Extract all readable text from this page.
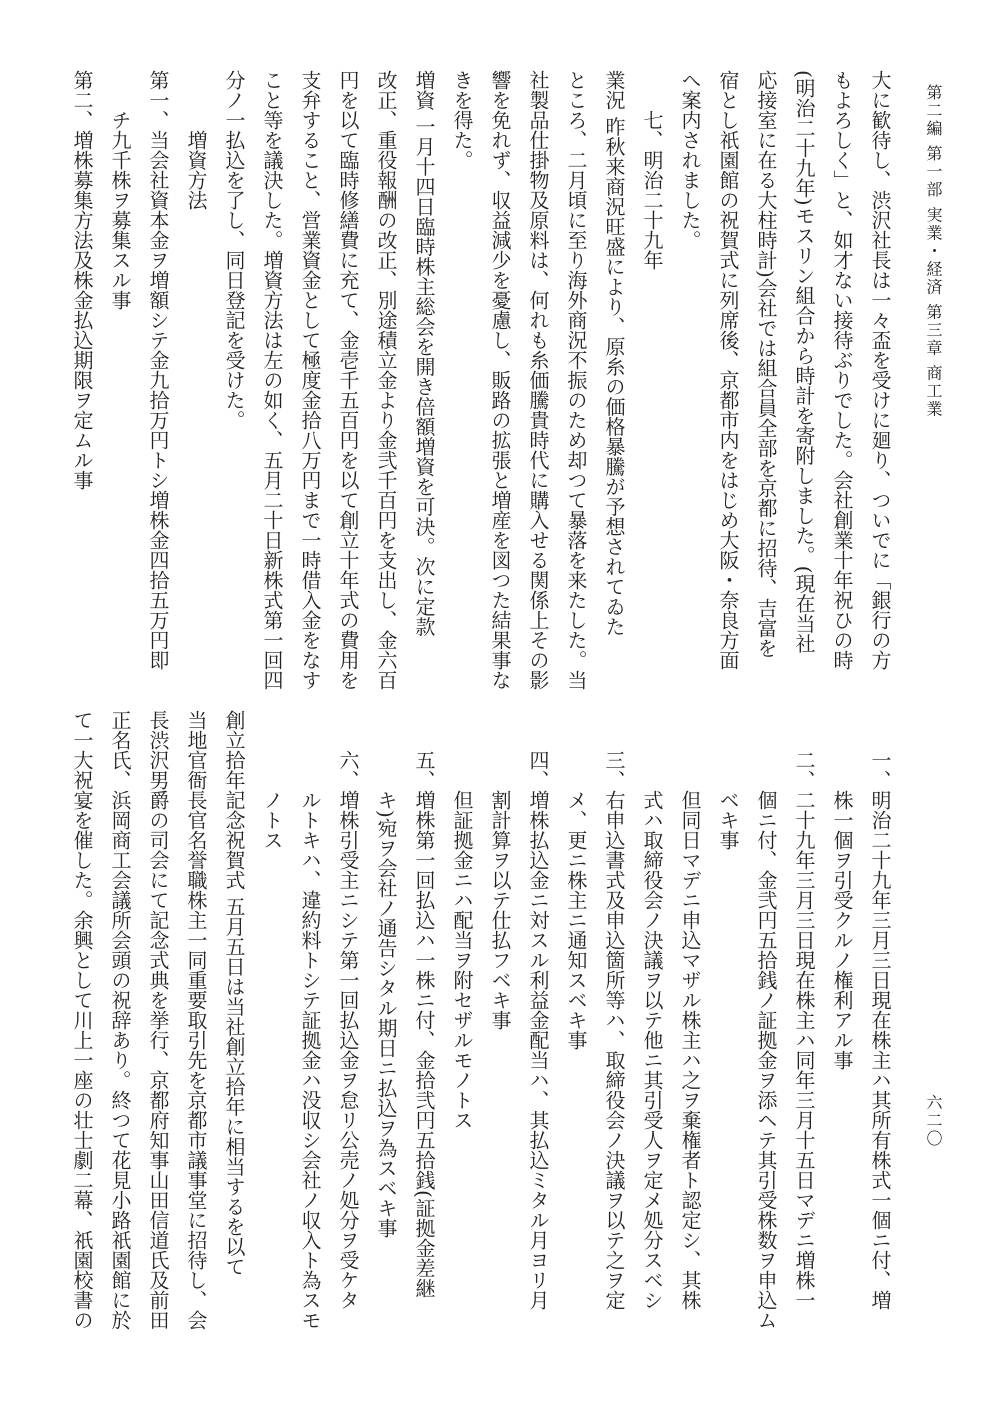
第二編 第一部 実業・経済 第三章 商工業
六二〇
大に歓待し、渋沢社長は一々盃を受けに廻り、ついでに「銀行の方
もよろしく」と、如才ない接待ぶりでした。会社創業十年祝ひの時
(明治二十九年)モスリン組合から時計を寄附しました。(現在当社
応接室に在る大柱時計)会社では組合員全部を京都に招待、吉富を
宿とし祇園館の祝賀式に列席後、京都市内をはじめ大阪・奈良方面
へ案内されました。
七、明治二十九年
業況 昨秋来商況旺盛により、原糸の価格暴騰が予想されてゐた
ところ、二月頃に至り海外商況不振のため却つて暴落を来たした。当
社製品仕掛物及原料は、何れも糸価騰貴時代に購入せる関係上その影
響を免れず、収益減少を憂慮し、販路の拡張と増産を図つた結果事な
きを得た。
増資 一月十四日臨時株主総会を開き倍額増資を可決。次に定款
改正、重役報酬の改正、別途積立金より金弐千百円を支出し、金六百
円を以て臨時修繕費に充て、金壱千五百円を以て創立十年式の費用を
支弁すること、営業資金として極度金拾八万円まで一時借入金をなす
こと等を議決した。増資方法は左の如く、五月二十日新株式第一回四
分ノ一払込を了し、同日登記を受けた。
増資方法
第一、当会社資本金ヲ増額シテ金九拾万円トシ増株金四拾五万円即
チ九千株ヲ募集スル事
第二、増株募集方法及株金払込期限ヲ定ムル事
一、明治二十九年三月三日現在株主ハ其所有株式一個ニ付、増
株一個ヲ引受クルノ権利アル事
二、二十九年三月三日現在株主ハ同年三月十五日マデニ増株一
個ニ付、金弐円五拾銭ノ証拠金ヲ添ヘテ其引受株数ヲ申込ム
ベキ事
但同日マデニ申込マザル株主ハ之ヲ棄権者ト認定シ、其株
式ハ取締役会ノ決議ヲ以テ他ニ其引受人ヲ定メ処分スベシ
三、右申込書式及申込箇所等ハ、取締役会ノ決議ヲ以テ之ヲ定
メ、更ニ株主ニ通知スベキ事
四、増株払込金ニ対スル利益金配当ハ、其払込ミタル月ヨリ月
割計算ヲ以テ仕払フベキ事
但証拠金ニハ配当ヲ附セザルモノトス
五、増株第一回払込ハ一株ニ付、金拾弐円五拾銭(証拠金差継
キ)宛ヲ会社ノ通告シタル期日ニ払込ヲ為スベキ事
六、増株引受主ニシテ第一回払込金ヲ怠リ公売ノ処分ヲ受ケタ
ルトキハ、違約料トシテ証拠金ハ没収シ会社ノ収入ト為スモ
ノトス
創立拾年記念祝賀式 五月五日は当社創立拾年に相当するを以て
当地官衙長官名誉職株主一同重要取引先を京都市議事堂に招待し、会
長渋沢男爵の司会にて記念式典を挙行、京都府知事山田信道氏及前田
正名氏、浜岡商工会議所会頭の祝辞あり。終つて花見小路祇園館に於
て一大祝宴を催した。余興として川上一座の壮士劇二幕、祇園校書の
